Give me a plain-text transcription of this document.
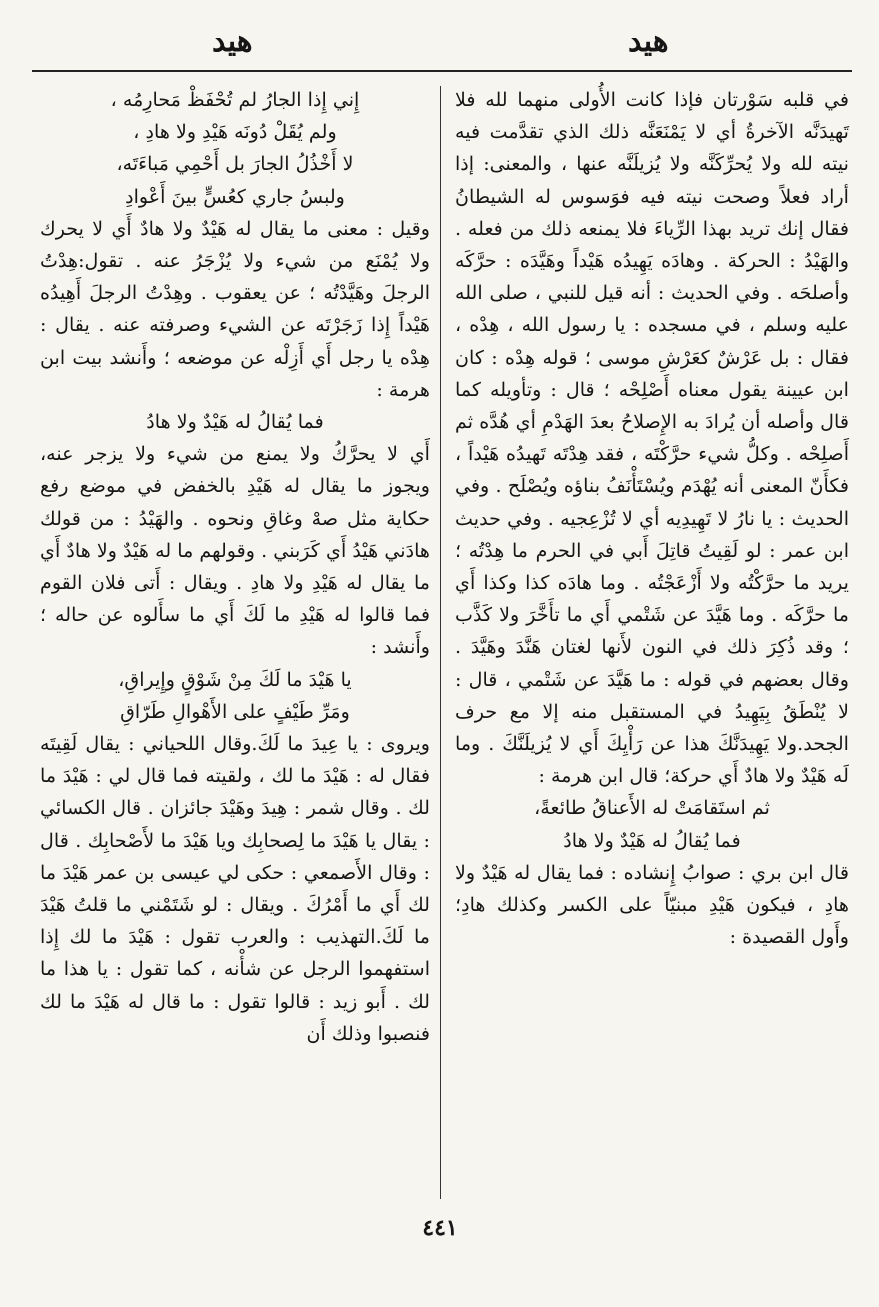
هيد
هيد

في قلبه سَوْرتان فإذا كانت الأُولى منهما لله فلا تَهيدَنَّه الآخرةُ أي لا يَمْنَعَنَّه ذلك الذي تقدَّمت فيه نيته لله ولا يُحرِّكَنَّه ولا يُزيلَنَّه عنها ، والمعنى: إذا أراد فعلاً وصحت نيته فيه فوَسوس له الشيطانُ فقال إنك تريد بهذا الرِّياءَ فلا يمنعه ذلك من فعله . والهَيْدُ : الحركة . وهادَه يَهِيدُه هَيْداً وهَيَّدَه : حرَّكَه وأصلحَه . وفي الحديث : أنه قيل للنبي ، صلى الله عليه وسلم ، في مسجده : يا رسول الله ، هِدْه ، فقال : بل عَرْشٌ كعَرْشِ موسى ؛ قوله هِدْه : كان ابن عيينة يقول معناه أَصْلِحْه ؛ قال : وتأويله كما قال وأصله أن يُرادَ به الإِصلاحُ بعدَ الهَدْمِ أي هُدَّه ثم أَصلِحْه . وكلُّ شيء حرَّكْتَه ، فقد هِدْتَه تَهيدُه هَيْداً ، فكأَنّ المعنى أنه يُهْدَم ويُسْتَأْنَفُ بناؤه ويُصْلَح . وفي الحديث : يا نارُ لا تَهِيدِيه أي لا تُزْعِجيه . وفي حديث ابن عمر : لو لَقِيتُ قاتِلَ أَبي في الحرم ما هِدْتُه ؛ يريد ما حرَّكْتُه ولا أَزْعَجْتُه . وما هادَه كذا وكذا أَي ما حرَّكَه . وما هَيَّدَ عن شَتْمي أَي ما تأَخَّرَ ولا كَذَّب ؛ وقد ذُكِرَ ذلك في النون لأَنها لغتان هَنَّدَ وهَيَّدَ . وقال بعضهم في قوله : ما هَيَّدَ عن شَتْمي ، قال : لا يُنْطَقُ بِيَهِيدُ في المستقبل منه إلا مع حرف الجحد.ولا يَهِيدَنَّكَ هذا عن رَأْيِكَ أَي لا يُزيلَنَّكَ . وما لَه هَيْدٌ ولا هادٌ أَي حركة؛ قال ابن هرمة :

ثم استَقامَتْ له الأَعناقُ طائعةً،

فما يُقالُ له هَيْدٌ ولا هادُ

قال ابن بري : صوابُ إِنشاده : فما يقال له هَيْدٌ ولا هادِ ، فيكون هَيْدِ مبنيّاً على الكسر وكذلك هادِ؛ وأَول القصيدة :

إِني إِذا الجارُ لم تُحْفَظْ مَحارِمُه ،

ولم يُقَلْ دُونَه هَيْدِ ولا هادِ ،

لا أَخْذُلُ الجارَ بل أَحْمِي مَباءَتَه،

ولبسُ جاري كعُسٍّ بينَ أَعْوادِ

وقيل : معنى ما يقال له هَيْدٌ ولا هادٌ أَي لا يحرك ولا يُمْنَع من شيء ولا يُزْجَرُ عنه . تقول:هِدْتُ الرجلَ وهَيَّدْتُه ؛ عن يعقوب . وهِدْتُ الرجلَ أَهِيدُه هَيْداً إِذا زَجَرْتَه عن الشيء وصرفته عنه . يقال : هِدْه يا رجل أَي أَزِلْه عن موضعه ؛ وأَنشد بيت ابن هرمة :

فما يُقالُ له هَيْدٌ ولا هادُ

أَي لا يحرَّكُ ولا يمنع من شيء ولا يزجر عنه، ويجوز ما يقال له هَيْدِ بالخفض في موضع رفع حكاية مثل صهْ وغاقِ ونحوه . والهَيْدُ : من قولك هادَني هَيْدُ أَي كَرَبني . وقولهم ما له هَيْدٌ ولا هادٌ أَي ما يقال له هَيْدِ ولا هادِ . ويقال : أَتى فلان القوم فما قالوا له هَيْدِ ما لَكَ أَي ما سأَلوه عن حاله ؛ وأَنشد :

يا هَيْدَ ما لَكَ مِنْ شَوْقٍ وإِيراقِ،

ومَرِّ طَيْفٍ على الأَهْوالِ طَرّاقِ

ويروى : يا عِيدَ ما لَكَ.وقال اللحياني : يقال لَقِيتَه فقال له : هَيْدَ ما لك ، ولقيته فما قال لي : هَيْدَ ما لك . وقال شمر : هِيدَ وهَيْدَ جائزان . قال الكسائي : يقال يا هَيْدَ ما لِصحابِك ويا هَيْدَ ما لأَصْحابِك . قال : وقال الأَصمعي : حكى لي عيسى بن عمر هَيْدَ ما لك أَي ما أَمْرُكَ . ويقال : لو شَتَمْني ما قلتُ هَيْدَ ما لَكَ.التهذيب : والعرب تقول : هَيْدَ ما لك إِذا استفهموا الرجل عن شأْنه ، كما تقول : يا هذا ما لك . أَبو زيد : قالوا تقول : ما قال له هَيْدَ ما لك فنصبوا وذلك أَن

٤٤١
